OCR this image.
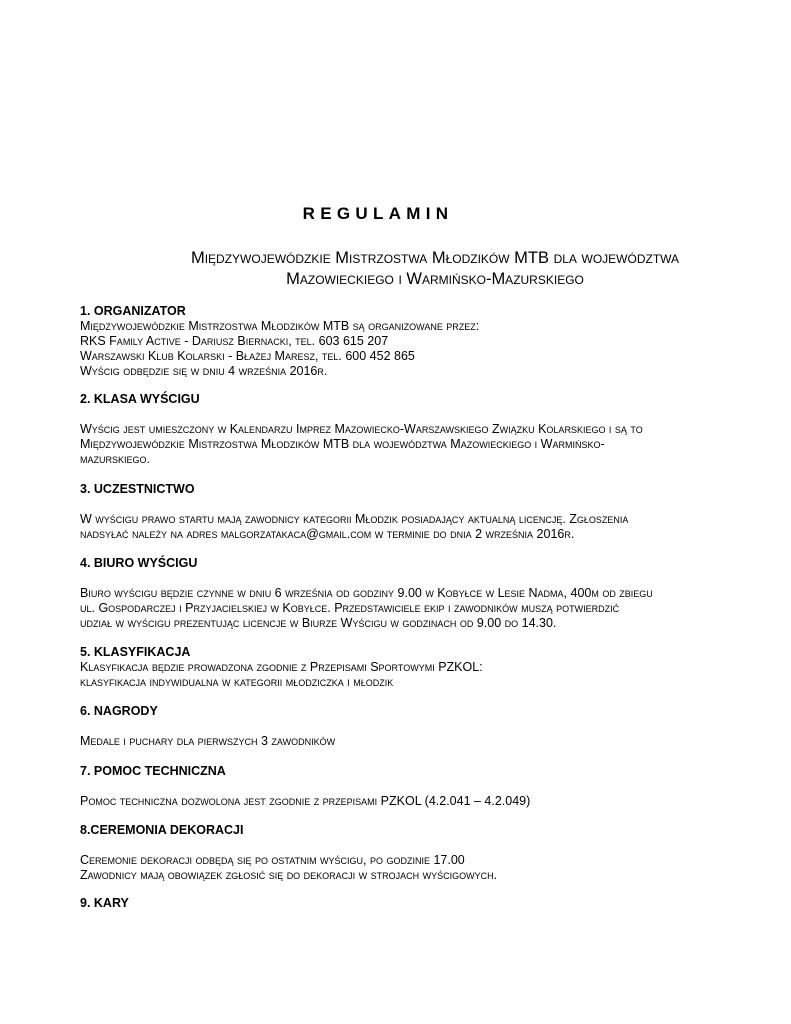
REGULAMIN
Międzywojewódzkie Mistrzostwa Młodzików MTB dla województwa
Mazowieckiego i Warmińsko-Mazurskiego
1. ORGANIZATOR
Międzywojewódzkie Mistrzostwa Młodzików MTB są organizowane przez:
RKS Family Active - Dariusz Biernacki, tel. 603 615 207
Warszawski Klub Kolarski - Błażej Maresz, tel. 600 452 865
Wyścig odbędzie się w dniu 4 września 2016r.
2. KLASA WYŚCIGU
Wyścig jest umieszczony w Kalendarzu Imprez Mazowiecko-Warszawskiego Związku Kolarskiego i są to
Międzywojewódzkie Mistrzostwa Młodzików MTB dla województwa Mazowieckiego i Warmińsko-
mazurskiego.
3. UCZESTNICTWO
W wyścigu prawo startu mają zawodnicy kategorii Młodzik posiadający aktualną licencję. Zgłoszenia
nadsyłać należy na adres malgorzatakaca@gmail.com w terminie do dnia 2 września 2016r.
4. BIURO WYŚCIGU
Biuro wyścigu będzie czynne w dniu 6 września od godziny 9.00 w Kobyłce w Lesie Nadma, 400m od zbiegu
ul. Gospodarczej i Przyjacielskiej w Kobyłce. Przedstawiciele ekip i zawodników muszą potwierdzić
udział w wyścigu prezentując licencje w Biurze Wyścigu w godzinach od 9.00 do 14.30.
5. KLASYFIKACJA
Klasyfikacja będzie prowadzona zgodnie z Przepisami Sportowymi PZKOL:
klasyfikacja indywidualna w kategorii młodziczka i młodzik
6. NAGRODY
Medale i puchary dla pierwszych 3 zawodników
7. POMOC TECHNICZNA
Pomoc techniczna dozwolona jest zgodnie z przepisami PZKOL (4.2.041 – 4.2.049)
8.CEREMONIA DEKORACJI
Ceremonie dekoracji odbędą się po ostatnim wyścigu, po godzinie 17.00
Zawodnicy mają obowiązek zgłosić się do dekoracji w strojach wyścigowych.
9. KARY
